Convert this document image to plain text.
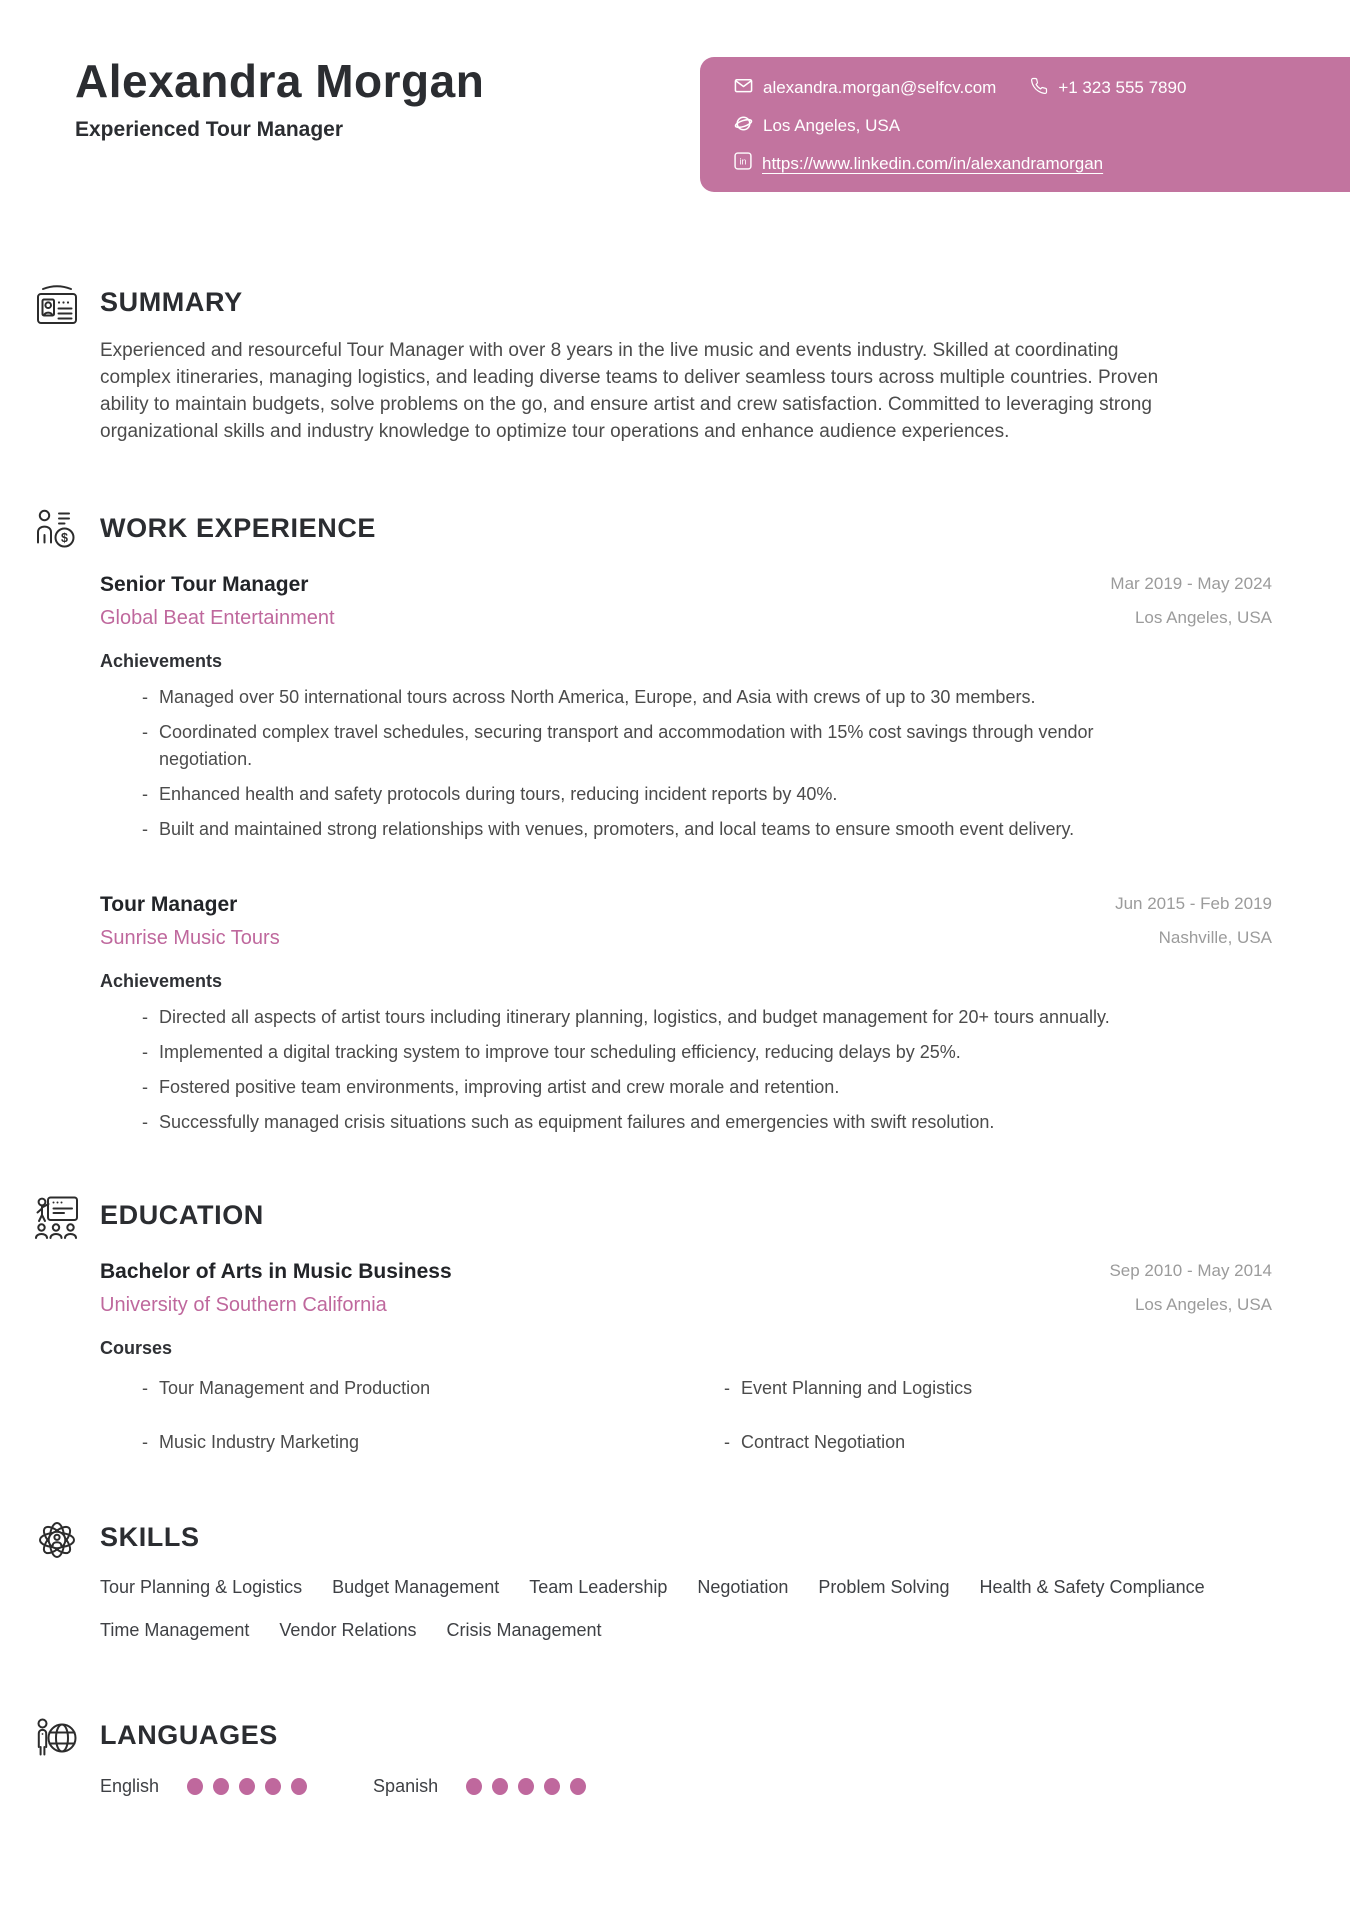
Alexandra Morgan
Experienced Tour Manager
alexandra.morgan@selfcv.com	+1 323 555 7890
Los Angeles, USA
in https://www.linkedin.com/in/alexandramorgan
SUMMARY

Experienced and resourceful Tour Manager with over 8 years in the live music and events industry. Skilled at coordinating complex itineraries, managing logistics, and leading diverse teams to deliver seamless tours across multiple countries. Proven ability to maintain budgets, solve problems on the go, and ensure artist and crew satisfaction. Committed to leveraging strong organizational skills and industry knowledge to optimize tour operations and enhance audience experiences.

$ WORK EXPERIENCE
Senior Tour Manager
Global Beat Entertainment
Mar 2019 - May 2024
Los Angeles, USA
Achievements
- Managed over 50 international tours across North America, Europe, and Asia with crews of up to 30 members.
- Coordinated complex travel schedules, securing transport and accommodation with 15% cost savings through vendor negotiation.
- Enhanced health and safety protocols during tours, reducing incident reports by 40%.
- Built and maintained strong relationships with venues, promoters, and local teams to ensure smooth event delivery.
Tour Manager
Sunrise Music Tours
Jun 2015 - Feb 2019
Nashville, USA
Achievements
- Directed all aspects of artist tours including itinerary planning, logistics, and budget management for 20+ tours annually.
- Implemented a digital tracking system to improve tour scheduling efficiency, reducing delays by 25%.
- Fostered positive team environments, improving artist and crew morale and retention.
- Successfully managed crisis situations such as equipment failures and emergencies with swift resolution.
EDUCATION
Bachelor of Arts in Music Business
University of Southern California
Sep 2010 - May 2014
Los Angeles, USA
Courses
- Tour Management and Production	- Event Planning and Logistics
- Music Industry Marketing	- Contract Negotiation
SKILLS
Tour Planning & Logistics Budget Management Team Leadership Negotiation Problem Solving Health & Safety Compliance
Time Management Vendor Relations Crisis Management
LANGUAGES
English	Spanish
